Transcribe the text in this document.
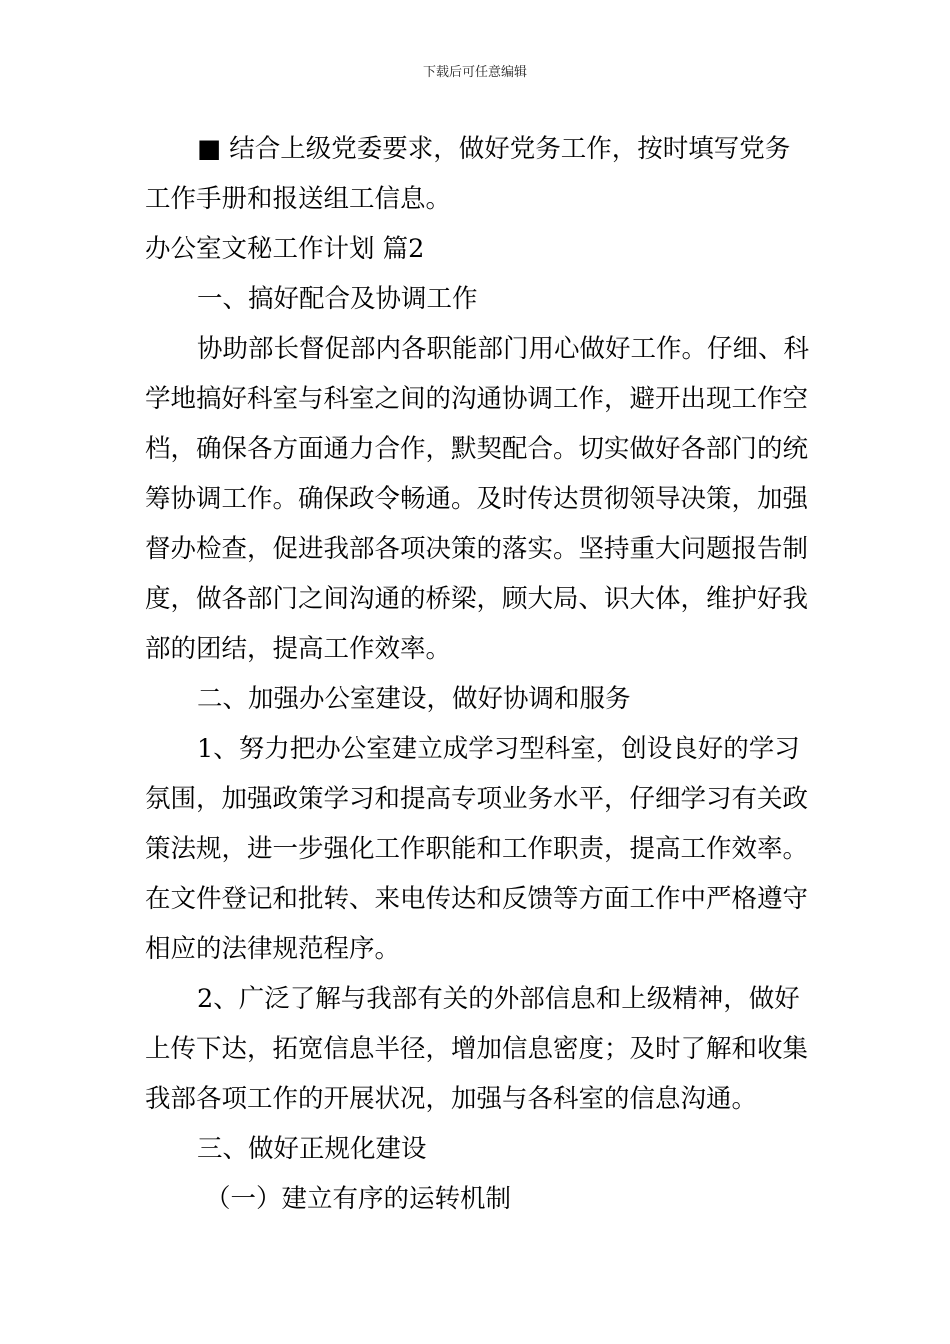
下载后可任意编辑

■ 结合上级党委要求，做好党务工作，按时填写党务工作手册和报送组工信息。

办公室文秘工作计划 篇2

一、搞好配合及协调工作

协助部长督促部内各职能部门用心做好工作。仔细、科学地搞好科室与科室之间的沟通协调工作，避开出现工作空档，确保各方面通力合作，默契配合。切实做好各部门的统筹协调工作。确保政令畅通。及时传达贯彻领导决策，加强督办检查，促进我部各项决策的落实。坚持重大问题报告制度，做各部门之间沟通的桥梁，顾大局、识大体，维护好我部的团结，提高工作效率。

二、加强办公室建设，做好协调和服务

1、努力把办公室建立成学习型科室，创设良好的学习氛围，加强政策学习和提高专项业务水平，仔细学习有关政策法规，进一步强化工作职能和工作职责，提高工作效率。在文件登记和批转、来电传达和反馈等方面工作中严格遵守相应的法律规范程序。

2、广泛了解与我部有关的外部信息和上级精神，做好上传下达，拓宽信息半径，增加信息密度；及时了解和收集我部各项工作的开展状况，加强与各科室的信息沟通。

三、做好正规化建设

（一）建立有序的运转机制
